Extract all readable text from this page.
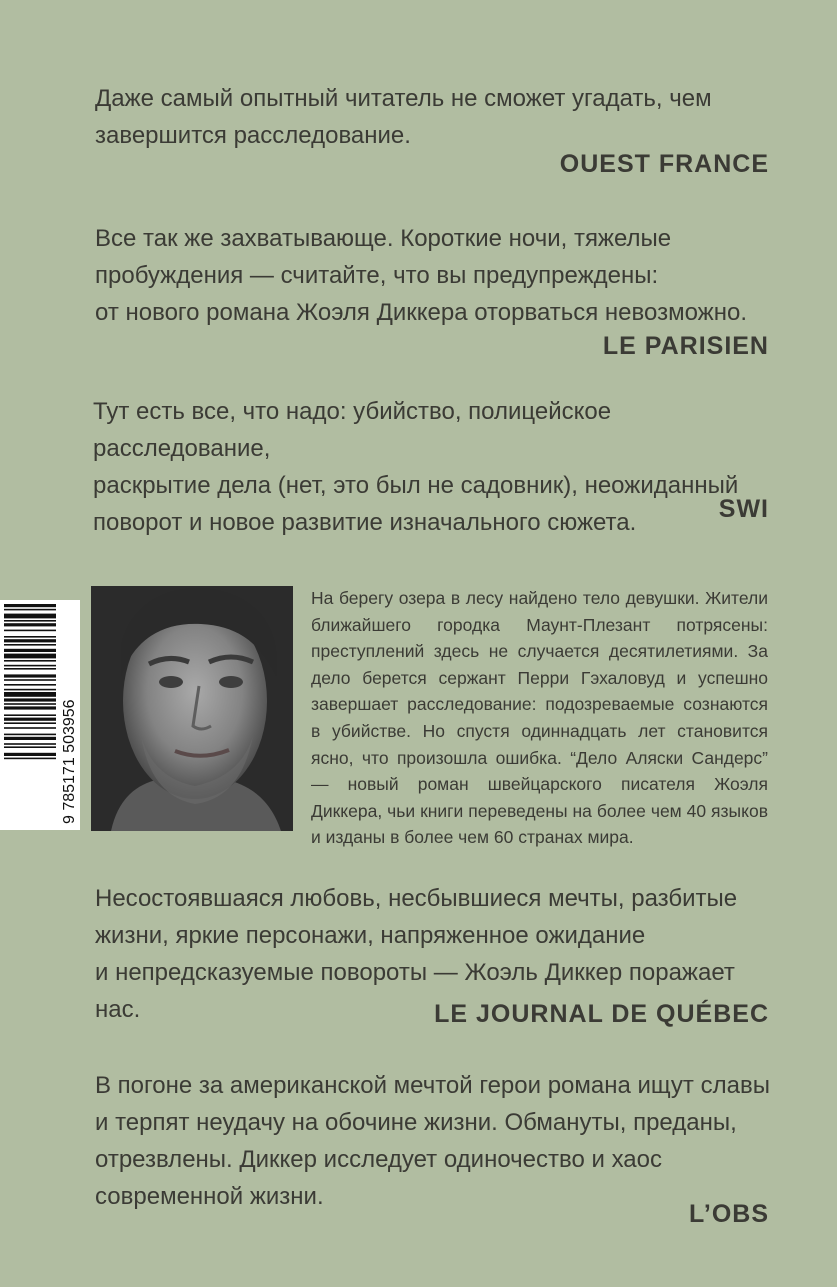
Даже самый опытный читатель не сможет угадать, чем

завершится расследование.

OUEST FRANCE

Все так же захватывающе. Короткие ночи, тяжелые

пробуждения — считайте, что вы предупреждены:

от нового романа Жоэля Диккера оторваться невозможно.

LE PARISIEN

Тут есть все, что надо: убийство, полицейское расследование,

раскрытие дела (нет, это был не садовник), неожиданный

поворот и новое развитие изначального сюжета.	SWI
9 785171 503956

На берегу озера в лесу найдено тело девушки. Жители ближайшего городка Маунт-Плезант потрясены: преступлений здесь не случается десятилетиями. За дело берется сержант Перри Гэхаловуд и успешно завершает расследование: подозреваемые сознаются в убийстве. Но спустя одиннадцать лет становится ясно, что произошла ошибка. “Дело Аляски Сандерс” — новый роман швейцарского писателя Жоэля Диккера, чьи книги переведены на более чем 40 языков и изданы в более чем 60 странах мира.

Несостоявшаяся любовь, несбывшиеся мечты, разбитые

жизни, яркие персонажи, напряженное ожидание

и непредсказуемые повороты — Жоэль Диккер поражает нас.	LE JOURNAL DE QUÉBEC

В погоне за американской мечтой герои романа ищут славы

и терпят неудачу на обочине жизни. Обмануты, преданы,

отрезвлены. Диккер исследует одиночество и хаос

современной жизни.

L’OBS
